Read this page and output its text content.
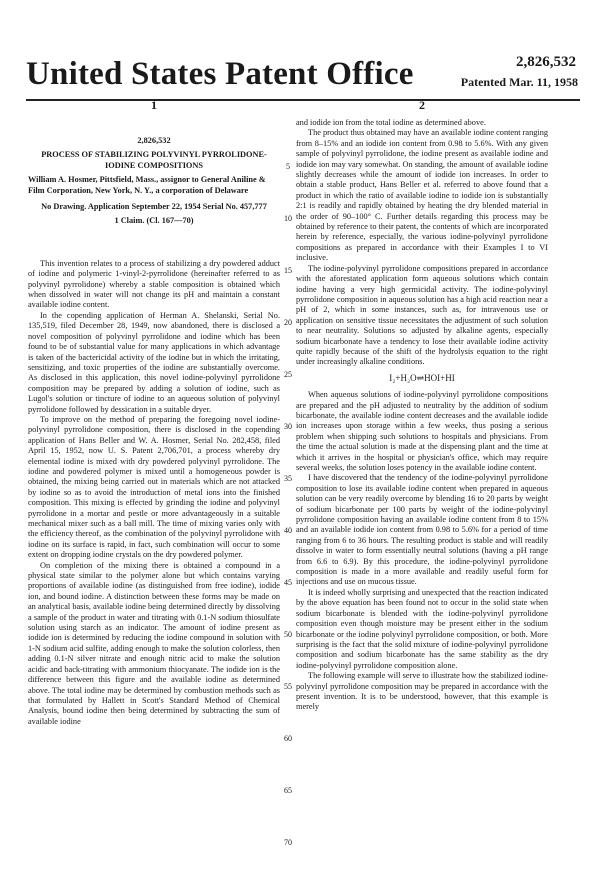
United States Patent Office	2,826,532
Patented Mar. 11, 1958
1

2,826,532

PROCESS OF STABILIZING POLYVINYL PYRROLIDONE-IODINE COMPOSITIONS

William A. Hosmer, Pittsfield, Mass., assignor to General Aniline & Film Corporation, New York, N. Y., a corporation of Delaware

No Drawing. Application September 22, 1954 Serial No. 457,777

1 Claim. (Cl. 167—70)

This invention relates to a process of stabilizing a dry powdered adduct of iodine and polymeric 1-vinyl-2-pyrrolidone (hereinafter referred to as polyvinyl pyrrolidone) whereby a stable composition is obtained which when dissolved in water will not change its pH and maintain a constant available iodine content.

In the copending application of Herman A. Shelanski, Serial No. 135,519, filed December 28, 1949, now abandoned, there is disclosed a novel composition of polyvinyl pyrrolidone and iodine which has been found to be of substantial value for many applications in which advantage is taken of the bactericidal activity of the iodine but in which the irritating, sensitizing, and toxic properties of the iodine are substantially overcome. As disclosed in this application, this novel iodine-polyvinyl pyrrolidone composition may be prepared by adding a solution of iodine, such as Lugol's solution or tincture of iodine to an aqueous solution of polyvinyl pyrrolidone followed by dessication in a suitable dryer.

To improve on the method of preparing the foregoing novel iodine-polyvinyl pyrrolidone composition, there is disclosed in the copending application of Hans Beller and W. A. Hosmer, Serial No. 282,458, filed April 15, 1952, now U. S. Patent 2,706,701, a process whereby dry elemental iodine is mixed with dry powdered polyvinyl pyrrolidone. The iodine and powdered polymer is mixed until a homogeneous powder is obtained, the mixing being carried out in materials which are not attacked by iodine so as to avoid the introduction of metal ions into the finished composition. This mixing is effected by grinding the iodine and polyvinyl pyrrolidone in a mortar and pestle or more advantageously in a suitable mechanical mixer such as a ball mill. The time of mixing varies only with the efficiency thereof, as the combination of the polyvinyl pyrrolidone with iodine on its surface is rapid, in fact, such combination will occur to some extent on dropping iodine crystals on the dry powdered polymer.

On completion of the mixing there is obtained a compound in a physical state similar to the polymer alone but which contains varying proportions of available iodine (as distinguished from free iodine), iodide ion, and bound iodine. A distinction between these forms may be made on an analytical basis, available iodine being determined directly by dissolving a sample of the product in water and titrating with 0.1-N sodium thiosulfate solution using starch as an indicator. The amount of iodine present as iodide ion is determined by reducing the iodine compound in solution with 1-N sodium acid sulfite, adding enough to make the solution colorless, then adding 0.1-N silver nitrate and enough nitric acid to make the solution acidic and back-titrating with ammonium thiocyanate. The iodide ion is the difference between this figure and the available iodine as determined above. The total iodine may be determined by combustion methods such as that formulated by Hallett in Scott's Standard Method of Chemical Analysis, bound iodine then being determined by subtracting the sum of available iodine

5
10
15
20
25
30
35
40
45
50
55
60
65
70
2

and iodide ion from the total iodine as determined above.

The product thus obtained may have an available iodine content ranging from 8–15% and an iodide ion content from 0.98 to 5.6%. With any given sample of polyvinyl pyrrolidone, the iodine present as available iodine and iodide ion may vary somewhat. On standing, the amount of available iodine slightly decreases while the amount of iodide ion increases. In order to obtain a stable product, Hans Beller et al. referred to above found that a product in which the ratio of available iodine to iodide ion is substantially 2:1 is readily and rapidly obtained by heating the dry blended material in the order of 90–100° C. Further details regarding this process may be obtained by reference to their patent, the contents of which are incorporated herein by reference, especially, the various iodine-polyvinyl pyrrolidone compositions as prepared in accordance with their Examples I to VI inclusive.

The iodine-polyvinyl pyrrolidone compositions prepared in accordance with the aforestated application form aqueous solutions which contain iodine having a very high germicidal activity. The iodine-polyvinyl pyrrolidone composition in aqueous solution has a high acid reaction near a pH of 2, which in some instances, such as, for intravenous use or application on sensitive tissue necessitates the adjustment of such solution to near neutrality. Solutions so adjusted by alkaline agents, especially sodium bicarbonate have a tendency to lose their available iodine activity quite rapidly because of the shift of the hydrolysis equation to the right under increasingly alkaline conditions.

I₂+H₂O⇌HOI+HI

When aqueous solutions of iodine-polyvinyl pyrrolidone compositions are prepared and the pH adjusted to neutrality by the addition of sodium bicarbonate, the available iodine content decreases and the available iodide ion increases upon storage within a few weeks, thus posing a serious problem when shipping such solutions to hospitals and physicians. From the time the actual solution is made at the dispensing plant and the time at which it arrives in the hospital or physician's office, which may require several weeks, the solution loses potency in the available iodine content.

I have discovered that the tendency of the iodine-polyvinyl pyrrolidone composition to lose its available iodine content when prepared in aqueous solution can be very readily overcome by blending 16 to 20 parts by weight of sodium bicarbonate per 100 parts by weight of the iodine-polyvinyl pyrrolidone composition having an available iodine content from 8 to 15% and an available iodide ion content from 0.98 to 5.6% for a period of time ranging from 6 to 36 hours. The resulting product is stable and will readily dissolve in water to form essentially neutral solutions (having a pH range from 6.6 to 6.9). By this procedure, the iodine-polyvinyl pyrrolidone composition is made in a more available and readily useful form for injections and use on mucous tissue.

It is indeed wholly surprising and unexpected that the reaction indicated by the above equation has been found not to occur in the solid state when sodium bicarbonate is blended with the iodine-polyvinyl pyrrolidone composition even though moisture may be present either in the sodium bicarbonate or the iodine polyvinyl pyrrolidone composition, or both. More surprising is the fact that the solid mixture of iodine-polyvinyl pyrrolidone composition and sodium bicarbonate has the same stability as the dry iodine-polyvinyl pyrrolidone composition alone.

The following example will serve to illustrate how the stabilized iodine-polyvinyl pyrrolidone composition may be prepared in accordance with the present invention. It is to be understood, however, that this example is merely
